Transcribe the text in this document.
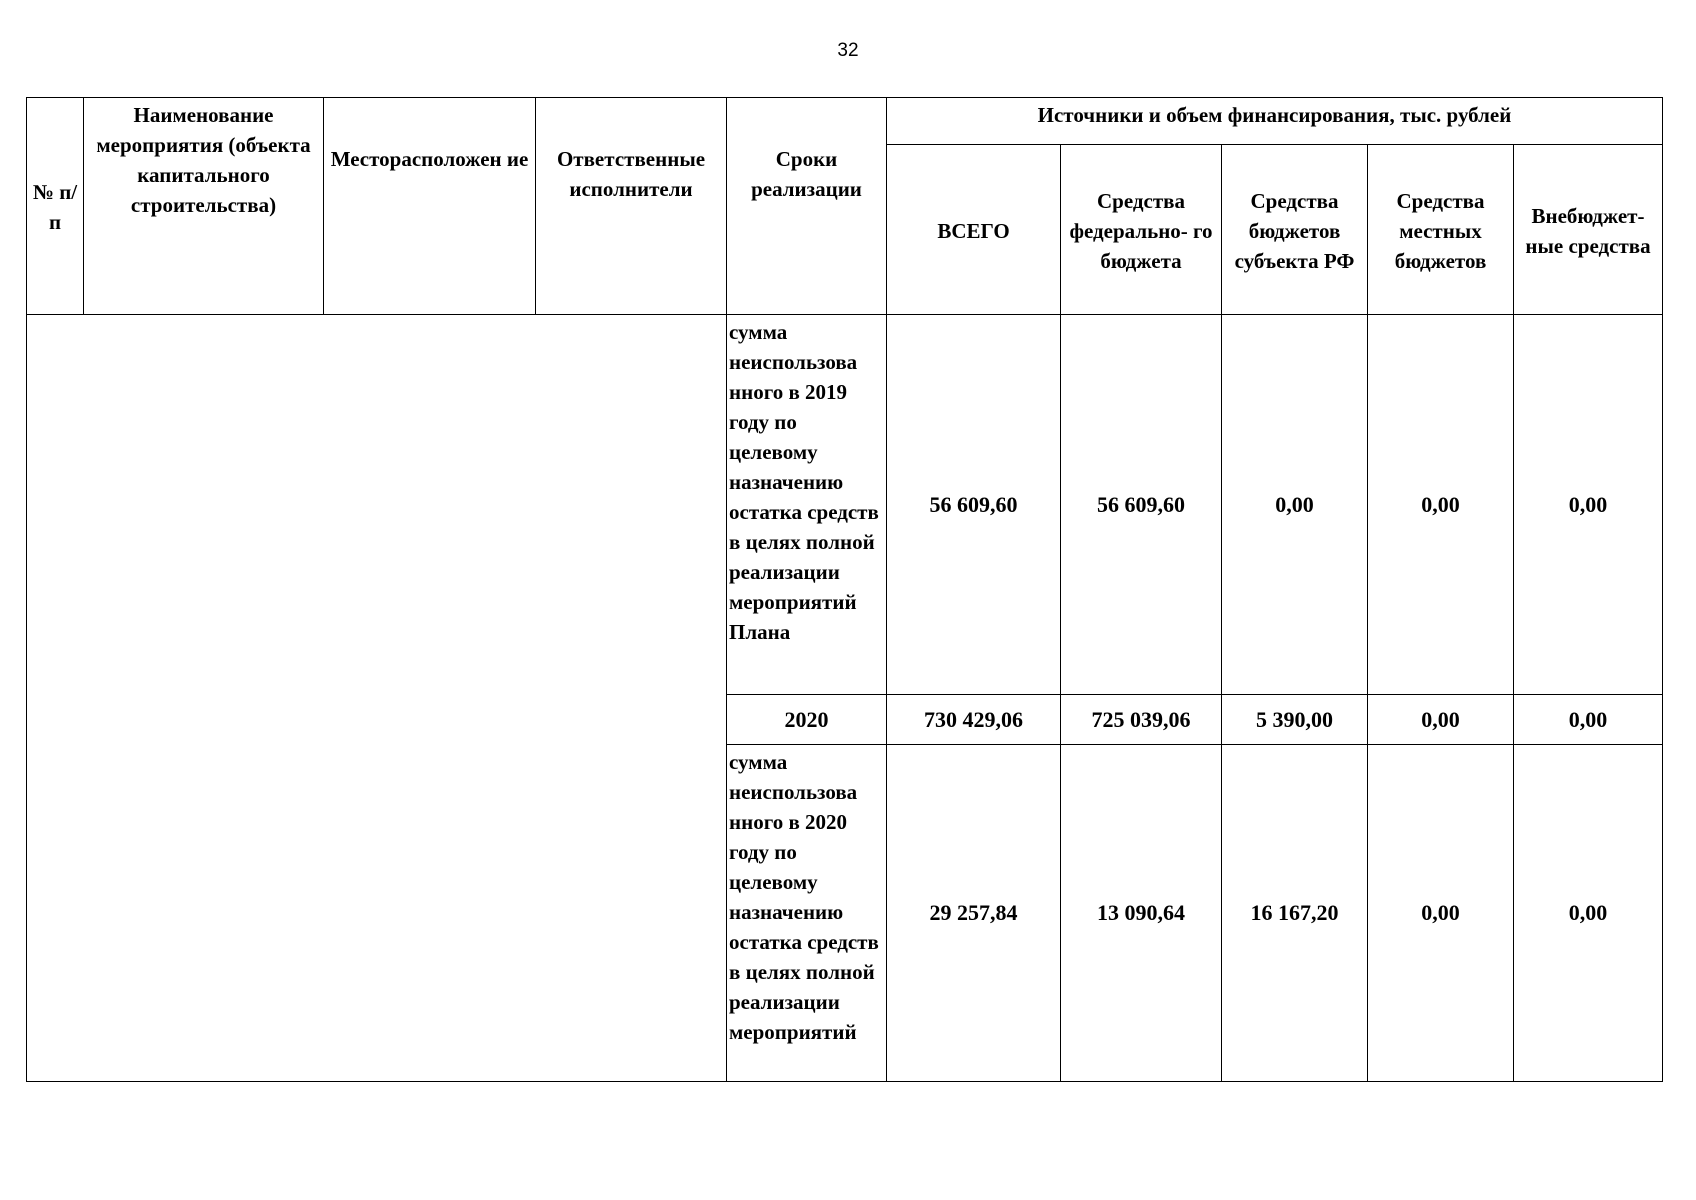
32
№ п/п	Наименование мероприятия (объекта капитального строительства)	Месторасположен ие	Ответственные исполнители	Сроки реализации	Источники и объем финансирования, тыс. рублей				
					ВСЕГО	Средства федерально- го бюджета	Средства бюджетов субъекта РФ	Средства местных бюджетов	Внебюджет- ные средства
				сумма неиспользова нного в 2019 году по целевому назначению остатка средств в целях полной реализации мероприятий Плана	56 609,60	56 609,60	0,00	0,00	0,00
				2020	730 429,06	725 039,06	5 390,00	0,00	0,00
				сумма неиспользова нного в 2020 году по целевому назначению остатка средств в целях полной реализации мероприятий	29 257,84	13 090,64	16 167,20	0,00	0,00
